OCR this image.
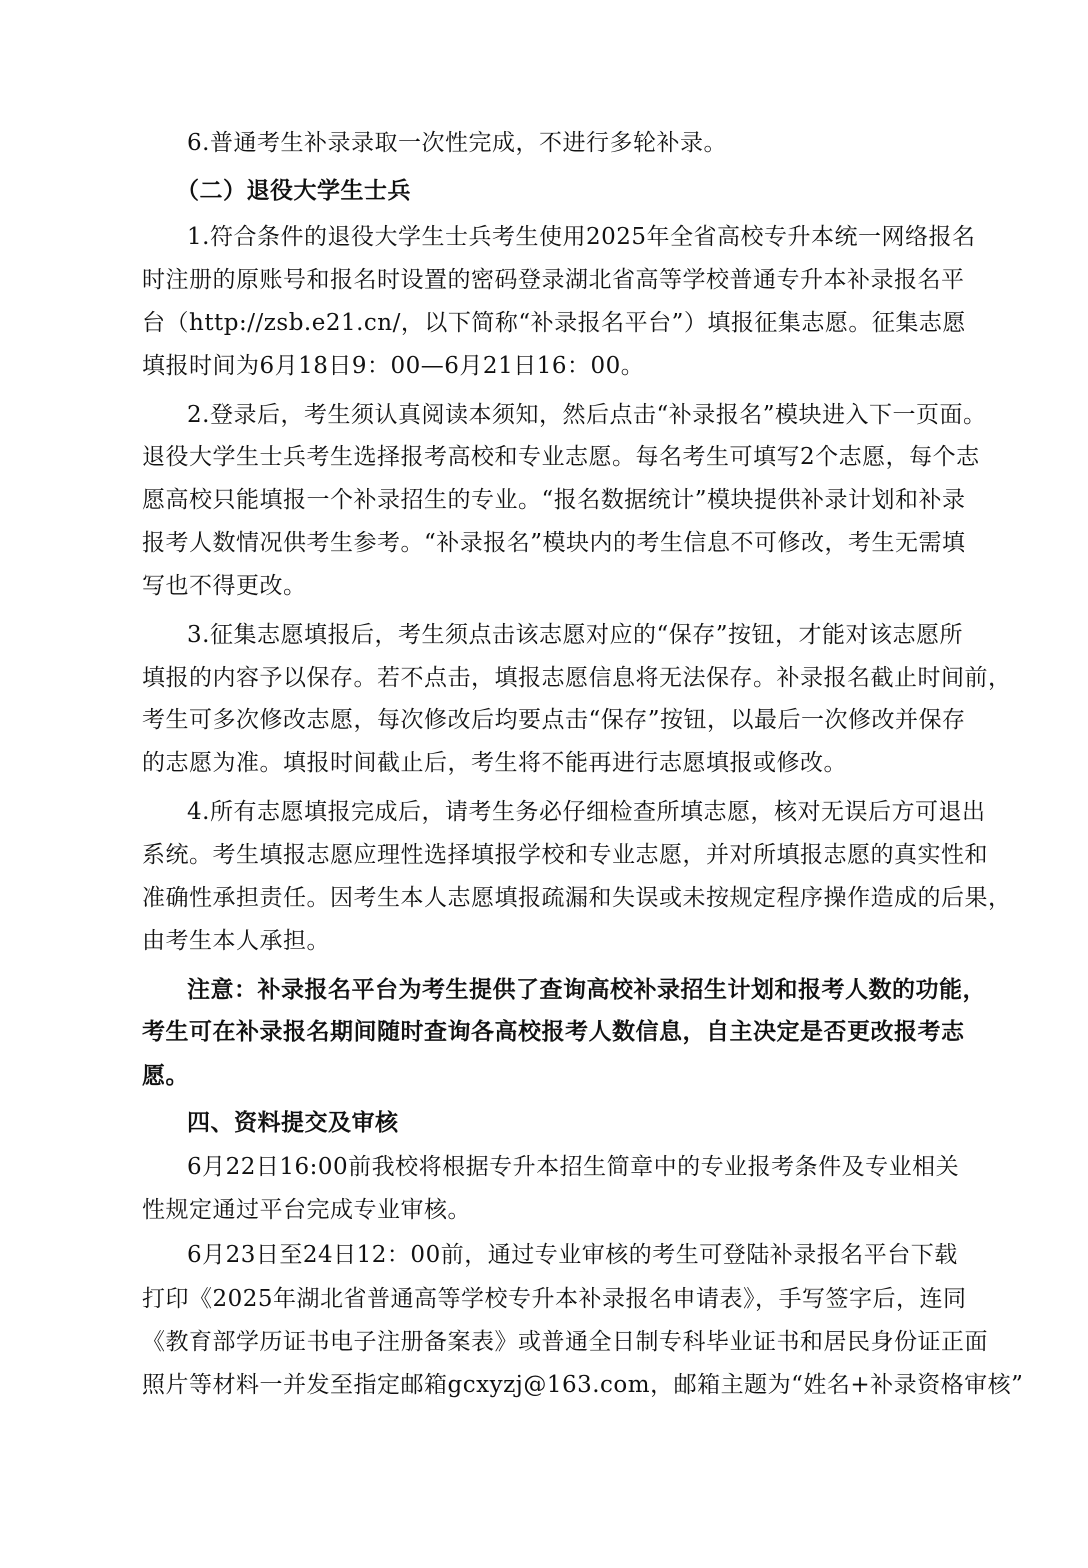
6.普通考生补录录取一次性完成，不进行多轮补录。
（二）退役大学生士兵
1.符合条件的退役大学生士兵考生使用2025年全省高校专升本统一网络报名
时注册的原账号和报名时设置的密码登录湖北省高等学校普通专升本补录报名平
台（http://zsb.e21.cn/，以下简称“补录报名平台”）填报征集志愿。征集志愿
填报时间为6月18日9：00—6月21日16：00。
2.登录后，考生须认真阅读本须知，然后点击“补录报名”模块进入下一页面。
退役大学生士兵考生选择报考高校和专业志愿。每名考生可填写2个志愿，每个志
愿高校只能填报一个补录招生的专业。“报名数据统计”模块提供补录计划和补录
报考人数情况供考生参考。“补录报名”模块内的考生信息不可修改，考生无需填
写也不得更改。
3.征集志愿填报后，考生须点击该志愿对应的“保存”按钮，才能对该志愿所
填报的内容予以保存。若不点击，填报志愿信息将无法保存。补录报名截止时间前，
考生可多次修改志愿，每次修改后均要点击“保存”按钮，以最后一次修改并保存
的志愿为准。填报时间截止后，考生将不能再进行志愿填报或修改。
4.所有志愿填报完成后，请考生务必仔细检查所填志愿，核对无误后方可退出
系统。考生填报志愿应理性选择填报学校和专业志愿，并对所填报志愿的真实性和
准确性承担责任。因考生本人志愿填报疏漏和失误或未按规定程序操作造成的后果，
由考生本人承担。
注意：补录报名平台为考生提供了查询高校补录招生计划和报考人数的功能，
考生可在补录报名期间随时查询各高校报考人数信息，自主决定是否更改报考志
愿。
四、资料提交及审核
6月22日16:00前我校将根据专升本招生简章中的专业报考条件及专业相关
性规定通过平台完成专业审核。
6月23日至24日12：00前，通过专业审核的考生可登陆补录报名平台下载
打印《2025年湖北省普通高等学校专升本补录报名申请表》，手写签字后，连同
《教育部学历证书电子注册备案表》或普通全日制专科毕业证书和居民身份证正面
照片等材料一并发至指定邮箱gcxyzj@163.com，邮箱主题为“姓名+补录资格审核”
